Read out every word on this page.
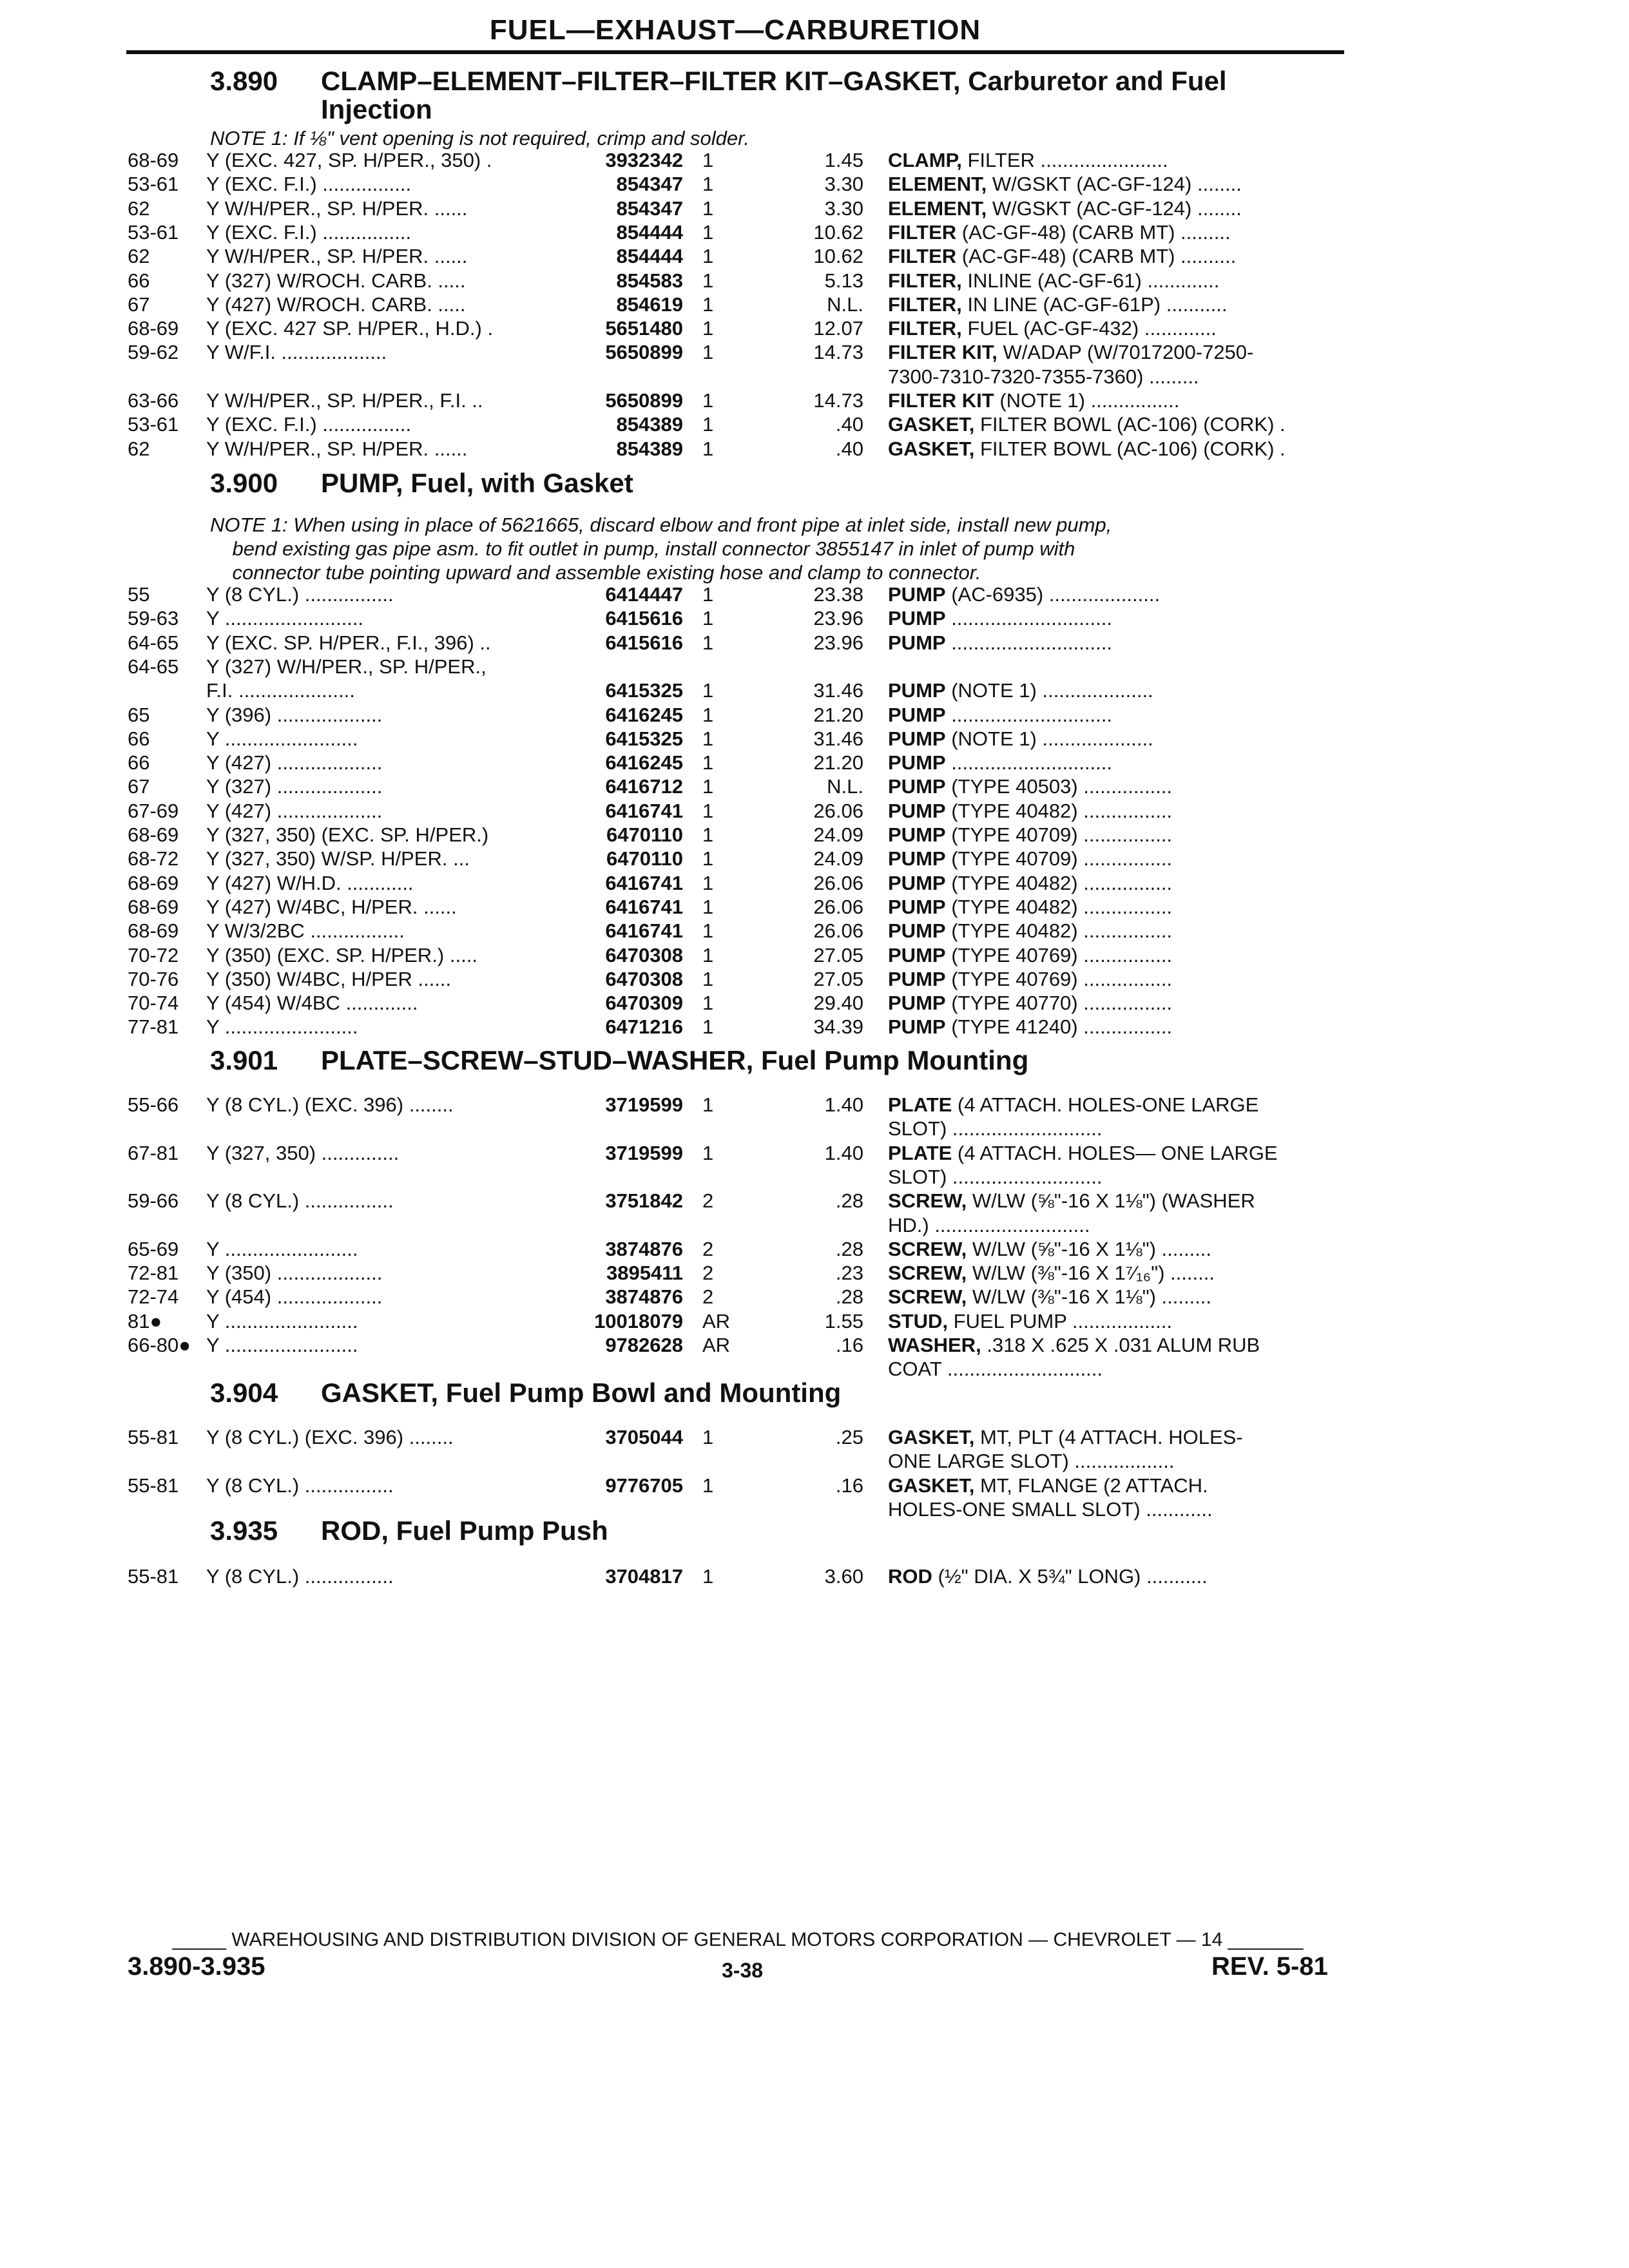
FUEL—EXHAUST—CARBURETION
3.890 CLAMP–ELEMENT–FILTER–FILTER KIT–GASKET, Carburetor and Fuel
Injection
NOTE 1: If ⅛" vent opening is not required, crimp and solder.
68-69	Y (EXC. 427, SP. H/PER., 350) .	3932342 1	1.45 CLAMP, FILTER .......................
53-61	Y (EXC. F.I.) ................	854347 1	3.30 ELEMENT, W/GSKT (AC-GF-124) ........
62	Y W/H/PER., SP. H/PER. ......	854347 1	3.30 ELEMENT, W/GSKT (AC-GF-124) ........
53-61	Y (EXC. F.I.) ................	854444 1	10.62 FILTER (AC-GF-48) (CARB MT) .........
62	Y W/H/PER., SP. H/PER. ......	854444 1	10.62 FILTER (AC-GF-48) (CARB MT) ..........
66	Y (327) W/ROCH. CARB. .....	854583 1	5.13 FILTER, INLINE (AC-GF-61) .............
67	Y (427) W/ROCH. CARB. .....	854619 1	N.L. FILTER, IN LINE (AC-GF-61P) ...........
68-69	Y (EXC. 427 SP. H/PER., H.D.) .	5651480 1	12.07 FILTER, FUEL (AC-GF-432) .............
59-62	Y W/F.I. ...................	5650899 1	14.73 FILTER KIT, W/ADAP (W/7017200-7250-
7300-7310-7320-7355-7360) .........
63-66	Y W/H/PER., SP. H/PER., F.I. ..	5650899 1	14.73 FILTER KIT (NOTE 1) ................
53-61	Y (EXC. F.I.) ................	854389 1	.40 GASKET, FILTER BOWL (AC-106) (CORK) .
62	Y W/H/PER., SP. H/PER. ......	854389 1	.40 GASKET, FILTER BOWL (AC-106) (CORK) .
3.900 PUMP, Fuel, with Gasket
NOTE 1: When using in place of 5621665, discard elbow and front pipe at inlet side, install new pump,
bend existing gas pipe asm. to fit outlet in pump, install connector 3855147 in inlet of pump with
connector tube pointing upward and assemble existing hose and clamp to connector.
55	Y (8 CYL.) ................	6414447 1	23.38 PUMP (AC-6935) ....................
59-63	Y .........................	6415616 1	23.96 PUMP .............................
64-65	Y (EXC. SP. H/PER., F.I., 396) ..	6415616 1	23.96 PUMP .............................
64-65	Y (327) W/H/PER., SP. H/PER.,
F.I. .....................	6415325 1	31.46 PUMP (NOTE 1) ....................
65	Y (396) ...................	6416245 1	21.20 PUMP .............................
66	Y ........................	6415325 1	31.46 PUMP (NOTE 1) ....................
66	Y (427) ...................	6416245 1	21.20 PUMP .............................
67	Y (327) ...................	6416712 1	N.L. PUMP (TYPE 40503) ................
67-69	Y (427) ...................	6416741 1	26.06 PUMP (TYPE 40482) ................
68-69	Y (327, 350) (EXC. SP. H/PER.)	6470110 1	24.09 PUMP (TYPE 40709) ................
68-72	Y (327, 350) W/SP. H/PER. ...	6470110 1	24.09 PUMP (TYPE 40709) ................
68-69	Y (427) W/H.D. ............	6416741 1	26.06 PUMP (TYPE 40482) ................
68-69	Y (427) W/4BC, H/PER. ......	6416741 1	26.06 PUMP (TYPE 40482) ................
68-69	Y W/3/2BC .................	6416741 1	26.06 PUMP (TYPE 40482) ................
70-72	Y (350) (EXC. SP. H/PER.) .....	6470308 1	27.05 PUMP (TYPE 40769) ................
70-76	Y (350) W/4BC, H/PER ......	6470308 1	27.05 PUMP (TYPE 40769) ................
70-74	Y (454) W/4BC .............	6470309 1	29.40 PUMP (TYPE 40770) ................
77-81	Y ........................	6471216 1	34.39 PUMP (TYPE 41240) ................
3.901 PLATE–SCREW–STUD–WASHER, Fuel Pump Mounting
55-66	Y (8 CYL.) (EXC. 396) ........	3719599 1	1.40 PLATE (4 ATTACH. HOLES-ONE LARGE
SLOT) ...........................
67-81	Y (327, 350) ..............	3719599 1	1.40 PLATE (4 ATTACH. HOLES— ONE LARGE
SLOT) ...........................
59-66	Y (8 CYL.) ................	3751842 2	.28 SCREW, W/LW (⅝"-16 X 1⅛") (WASHER
HD.) ............................
65-69	Y ........................	3874876 2	.28 SCREW, W/LW (⅝"-16 X 1⅛") .........
72-81	Y (350) ...................	3895411 2	.23 SCREW, W/LW (⅜"-16 X 1⁷⁄₁₆") ........
72-74	Y (454) ...................	3874876 2	.28 SCREW, W/LW (⅜"-16 X 1⅛") .........
81●	Y ........................	10018079 AR	1.55 STUD, FUEL PUMP ..................
66-80● Y ........................	9782628 AR	.16 WASHER, .318 X .625 X .031 ALUM RUB
COAT ............................
3.904 GASKET, Fuel Pump Bowl and Mounting
55-81	Y (8 CYL.) (EXC. 396) ........	3705044 1	.25 GASKET, MT, PLT (4 ATTACH. HOLES-
ONE LARGE SLOT) ..................
55-81	Y (8 CYL.) ................	9776705 1	.16 GASKET, MT, FLANGE (2 ATTACH.
HOLES-ONE SMALL SLOT) ............
3.935 ROD, Fuel Pump Push
55-81	Y (8 CYL.) ................	3704817 1	3.60 ROD (½" DIA. X 5¾" LONG) ...........
_____ WAREHOUSING AND DISTRIBUTION DIVISION OF GENERAL MOTORS CORPORATION — CHEVROLET — 14 _______
3.890-3.935	3-38	REV. 5-81
